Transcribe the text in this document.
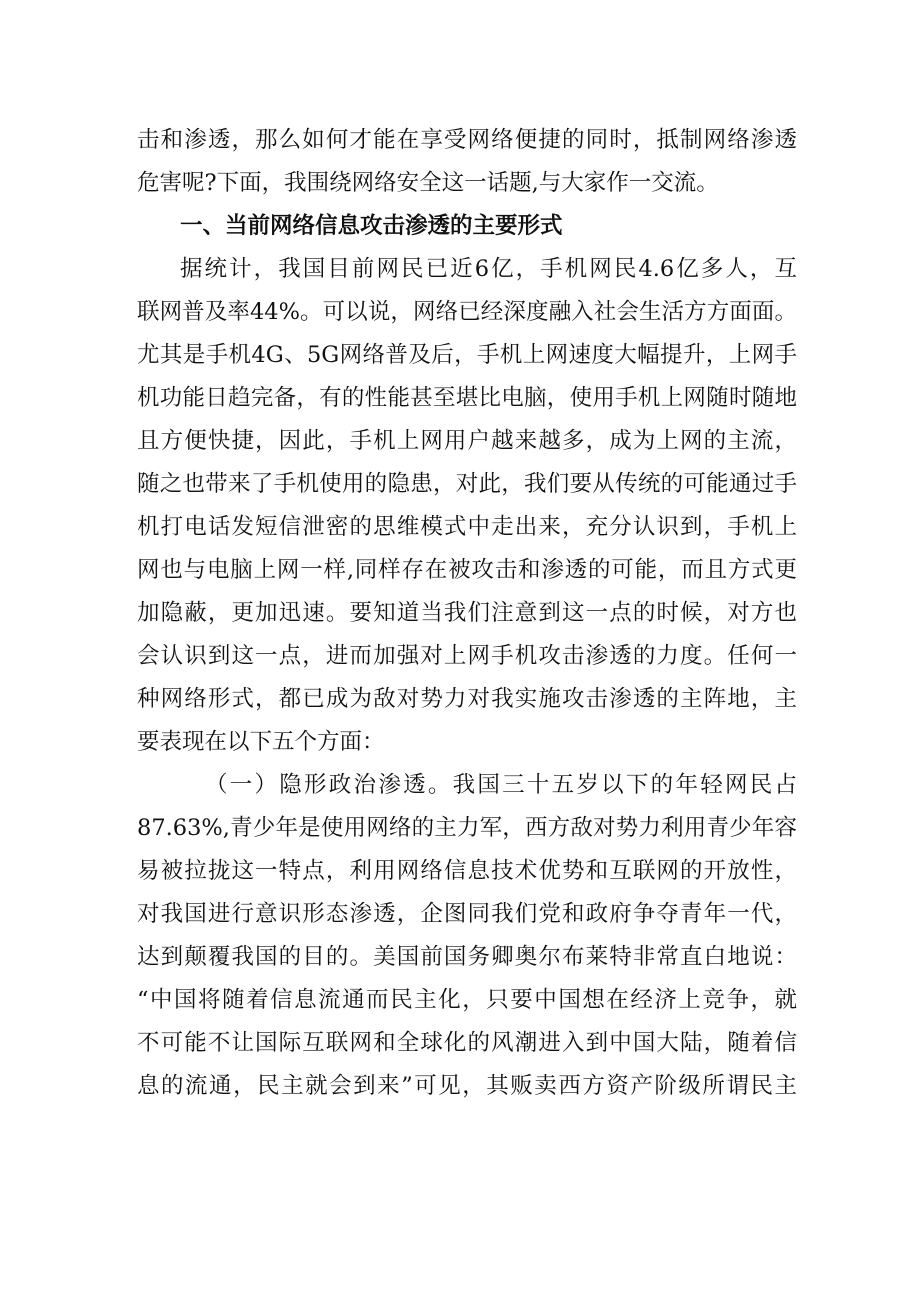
击和渗透，那么如何才能在享受网络便捷的同时，抵制网络渗透
危害呢?下面，我围绕网络安全这一话题,与大家作一交流。
一、当前网络信息攻击渗透的主要形式
据统计，我国目前网民已近6亿，手机网民4.6亿多人，互
联网普及率44%。可以说，网络已经深度融入社会生活方方面面。
尤其是手机4G、5G网络普及后，手机上网速度大幅提升，上网手
机功能日趋完备，有的性能甚至堪比电脑，使用手机上网随时随地
且方便快捷，因此，手机上网用户越来越多，成为上网的主流，
随之也带来了手机使用的隐患，对此，我们要从传统的可能通过手
机打电话发短信泄密的思维模式中走出来，充分认识到，手机上
网也与电脑上网一样,同样存在被攻击和渗透的可能，而且方式更
加隐蔽，更加迅速。要知道当我们注意到这一点的时候，对方也
会认识到这一点，进而加强对上网手机攻击渗透的力度。任何一
种网络形式，都已成为敌对势力对我实施攻击渗透的主阵地，主
要表现在以下五个方面：
（一）隐形政治渗透。我国三十五岁以下的年轻网民占
87.63%,青少年是使用网络的主力军，西方敌对势力利用青少年容
易被拉拢这一特点，利用网络信息技术优势和互联网的开放性，
对我国进行意识形态渗透，企图同我们党和政府争夺青年一代，
达到颠覆我国的目的。美国前国务卿奥尔布莱特非常直白地说：
“中国将随着信息流通而民主化，只要中国想在经济上竞争，就
不可能不让国际互联网和全球化的风潮进入到中国大陆，随着信
息的流通，民主就会到来”可见，其贩卖西方资产阶级所谓民主
